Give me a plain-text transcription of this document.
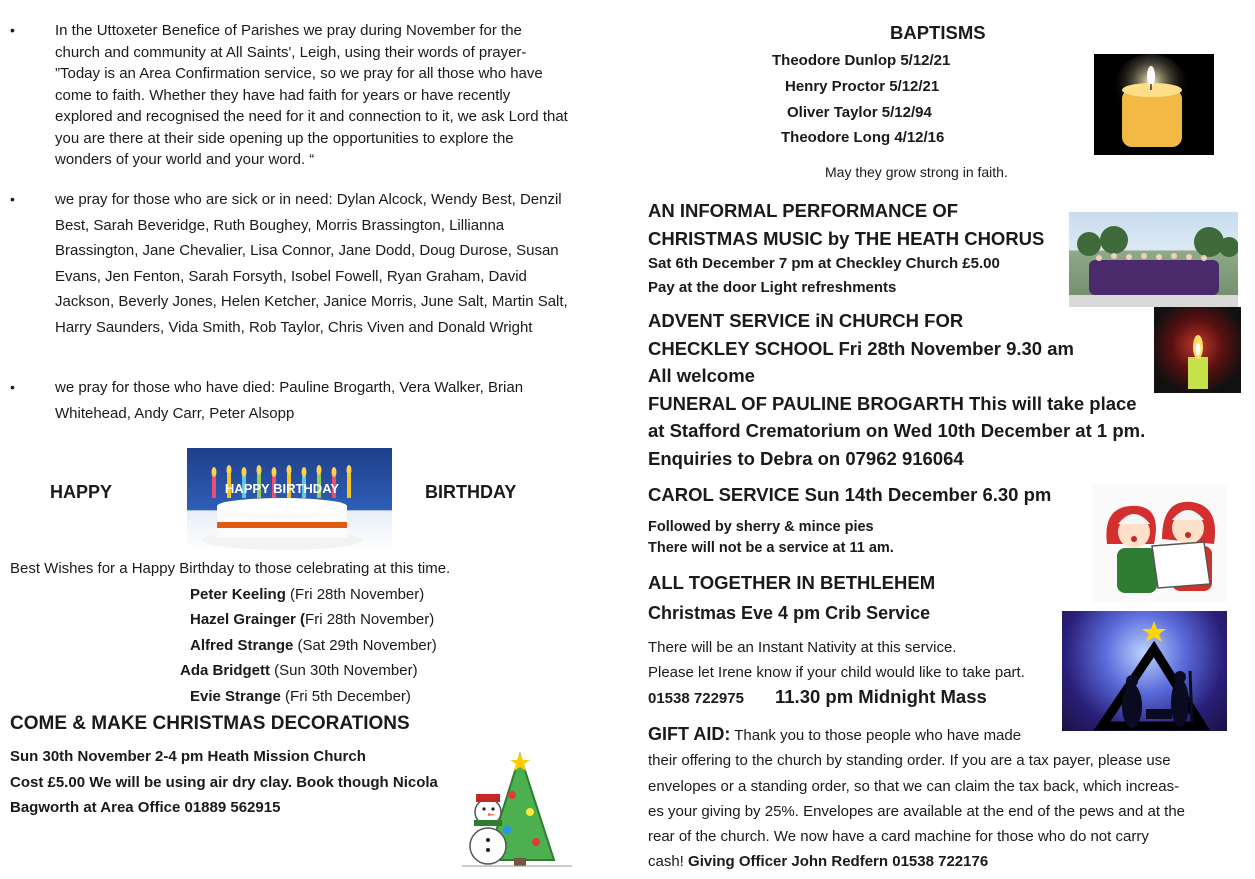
•	In the Uttoxeter Benefice of Parishes we pray during November for the church and community at All Saints', Leigh, using their words of prayer- ”Today is an Area Confirmation service, so we pray for all those who have come to faith. Whether they have had faith for years or have recently explored and recognised the need for it and connection to it, we ask Lord that you are there at their side opening up the opportunities to explore the wonders of your world and your word. “
•	we pray for those who are sick or in need: Dylan Alcock, Wendy Best, Denzil Best, Sarah Beveridge, Ruth Boughey, Morris Brassington, Lillianna Brassington, Jane Chevalier, Lisa Connor, Jane Dodd, Doug Durose, Susan Evans, Jen Fenton, Sarah Forsyth, Isobel Fowell, Ryan Graham, David Jackson, Beverly Jones, Helen Ketcher, Janice Morris, June Salt, Martin Salt, Harry Saunders, Vida Smith, Rob Taylor, Chris Viven and Donald Wright
•	we pray for those who have died: Pauline Brogarth, Vera Walker, Brian Whitehead, Andy Carr, Peter Alsopp
HAPPY	HAPPY BIRTHDAY	BIRTHDAY
Best Wishes for a Happy Birthday to those celebrating at this time.
Peter Keeling (Fri 28th November)
Hazel Grainger (Fri 28th November)
Alfred Strange (Sat 29th November)
Ada Bridgett (Sun 30th November)
Evie Strange (Fri 5th December)
COME & MAKE CHRISTMAS DECORATIONS
Sun 30th November 2-4 pm Heath Mission Church
Cost £5.00 We will be using air dry clay. Book though Nicola
Bagworth at Area Office 01889 562915
BAPTISMS
Theodore Dunlop 5/12/21
Henry Proctor 5/12/21
Oliver Taylor 5/12/94
Theodore Long 4/12/16
May they grow strong in faith.
AN INFORMAL PERFORMANCE OF
CHRISTMAS MUSIC by THE HEATH CHORUS
Sat 6th December 7 pm at Checkley Church £5.00
Pay at the door Light refreshments
ADVENT SERVICE iN CHURCH FOR
CHECKLEY SCHOOL Fri 28th November 9.30 am
All welcome
FUNERAL OF PAULINE BROGARTH This will take place
at Stafford Crematorium on Wed 10th December at 1 pm.
Enquiries to Debra on 07962 916064
CAROL SERVICE Sun 14th December 6.30 pm
Followed by sherry & mince pies
There will not be a service at 11 am.
ALL TOGETHER IN BETHLEHEM
Christmas Eve 4 pm Crib Service
There will be an Instant Nativity at this service.
Please let Irene know if your child would like to take part.
01538 722975 11.30 pm Midnight Mass
GIFT AID: Thank you to those people who have made
their offering to the church by standing order. If you are a tax payer, please use
envelopes or a standing order, so that we can claim the tax back, which increas-
es your giving by 25%. Envelopes are available at the end of the pews and at the
rear of the church. We now have a card machine for those who do not carry
cash! Giving Officer John Redfern 01538 722176
